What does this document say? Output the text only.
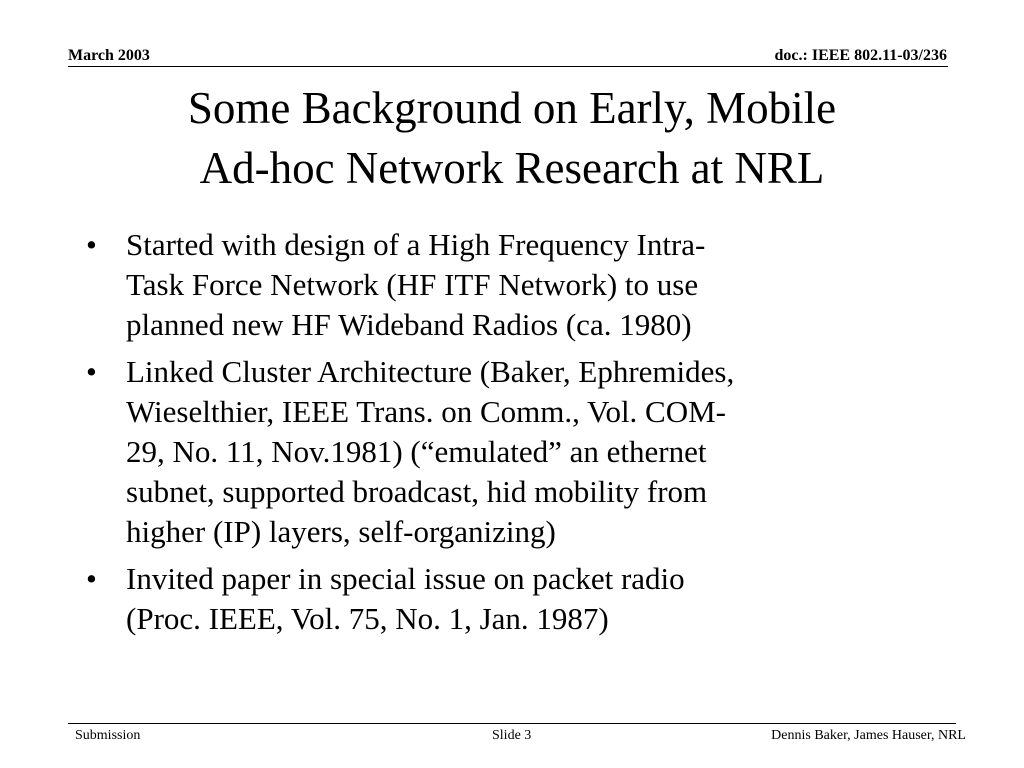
March 2003	doc.: IEEE 802.11-03/236
Some Background on Early, Mobile
Ad-hoc Network Research at NRL
• Started with design of a High Frequency Intra-
Task Force Network (HF ITF Network) to use
planned new HF Wideband Radios (ca. 1980)
• Linked Cluster Architecture (Baker, Ephremides,
Wieselthier, IEEE Trans. on Comm., Vol. COM-
29, No. 11, Nov.1981) (“emulated” an ethernet
subnet, supported broadcast, hid mobility from
higher (IP) layers, self-organizing)
• Invited paper in special issue on packet radio
(Proc. IEEE, Vol. 75, No. 1, Jan. 1987)
Submission	Slide 3	Dennis Baker, James Hauser, NRL
